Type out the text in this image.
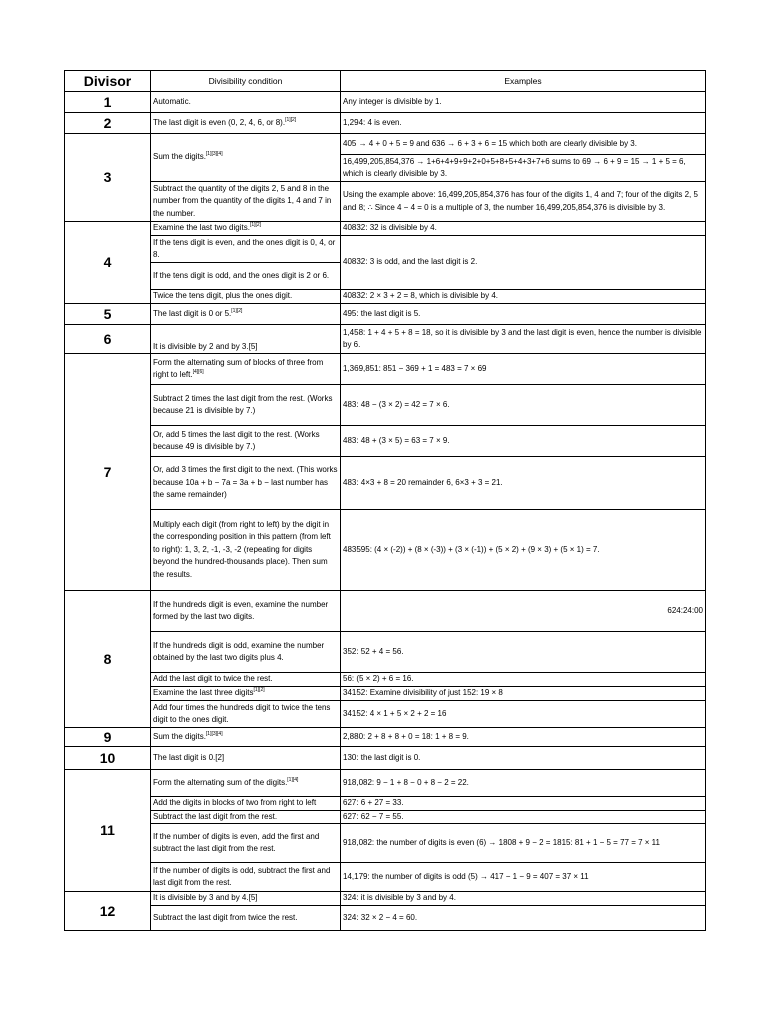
Divisor	Divisibility condition	Examples
1	Automatic.	Any integer is divisible by 1.
2	The last digit is even (0, 2, 4, 6, or 8).[1][2]	1,294: 4 is even.
3	Sum the digits.[1][3][4]	405 → 4 + 0 + 5 = 9 and 636 → 6 + 3 + 6 = 15 which both are clearly divisible by 3.
		16,499,205,854,376 → 1+6+4+9+9+2+0+5+8+5+4+3+7+6 sums to 69 → 6 + 9 = 15 → 1 + 5 = 6, which is clearly divisible by 3.
	Subtract the quantity of the digits 2, 5 and 8 in the number from the quantity of the digits 1, 4 and 7 in the number.	Using the example above: 16,499,205,854,376 has four of the digits 1, 4 and 7; four of the digits 2, 5 and 8; ∴ Since 4 − 4 = 0 is a multiple of 3, the number 16,499,205,854,376 is divisible by 3.
4	Examine the last two digits.[1][2]	40832: 32 is divisible by 4.
	If the tens digit is even, and the ones digit is 0, 4, or 8.	40832: 3 is odd, and the last digit is 2.
	If the tens digit is odd, and the ones digit is 2 or 6.	
	Twice the tens digit, plus the ones digit.	40832: 2 × 3 + 2 = 8, which is divisible by 4.
5	The last digit is 0 or 5.[1][2]	495: the last digit is 5.
6	It is divisible by 2 and by 3.[5]	1,458: 1 + 4 + 5 + 8 = 18, so it is divisible by 3 and the last digit is even, hence the number is divisible by 6.
7	Form the alternating sum of blocks of three from right to left.[4][6]	1,369,851: 851 − 369 + 1 = 483 = 7 × 69
	Subtract 2 times the last digit from the rest. (Works because 21 is divisible by 7.)	483: 48 − (3 × 2) = 42 = 7 × 6.
	Or, add 5 times the last digit to the rest. (Works because 49 is divisible by 7.)	483: 48 + (3 × 5) = 63 = 7 × 9.
	Or, add 3 times the first digit to the next. (This works because 10a + b − 7a = 3a + b − last number has the same remainder)	483: 4×3 + 8 = 20 remainder 6, 6×3 + 3 = 21.
	Multiply each digit (from right to left) by the digit in the corresponding position in this pattern (from left to right): 1, 3, 2, -1, -3, -2 (repeating for digits beyond the hundred-thousands place). Then sum the results.	483595: (4 × (-2)) + (8 × (-3)) + (3 × (-1)) + (5 × 2) + (9 × 3) + (5 × 1) = 7.
8	If the hundreds digit is even, examine the number formed by the last two digits.	624:24:00
	If the hundreds digit is odd, examine the number obtained by the last two digits plus 4.	352: 52 + 4 = 56.
	Add the last digit to twice the rest.	56: (5 × 2) + 6 = 16.
	Examine the last three digits[1][2]	34152: Examine divisibility of just 152: 19 × 8
	Add four times the hundreds digit to twice the tens digit to the ones digit.	34152: 4 × 1 + 5 × 2 + 2 = 16
9	Sum the digits.[1][3][4]	2,880: 2 + 8 + 8 + 0 = 18: 1 + 8 = 9.
10	The last digit is 0.[2]	130: the last digit is 0.
11	Form the alternating sum of the digits.[1][4]	918,082: 9 − 1 + 8 − 0 + 8 − 2 = 22.
	Add the digits in blocks of two from right to left	627: 6 + 27 = 33.
	Subtract the last digit from the rest.	627: 62 − 7 = 55.
	If the number of digits is even, add the first and subtract the last digit from the rest.	918,082: the number of digits is even (6) → 1808 + 9 − 2 = 1815: 81 + 1 − 5 = 77 = 7 × 11
	If the number of digits is odd, subtract the first and last digit from the rest.	14,179: the number of digits is odd (5) → 417 − 1 − 9 = 407 = 37 × 11
12	It is divisible by 3 and by 4.[5]	324: it is divisible by 3 and by 4.
	Subtract the last digit from twice the rest.	324: 32 × 2 − 4 = 60.
